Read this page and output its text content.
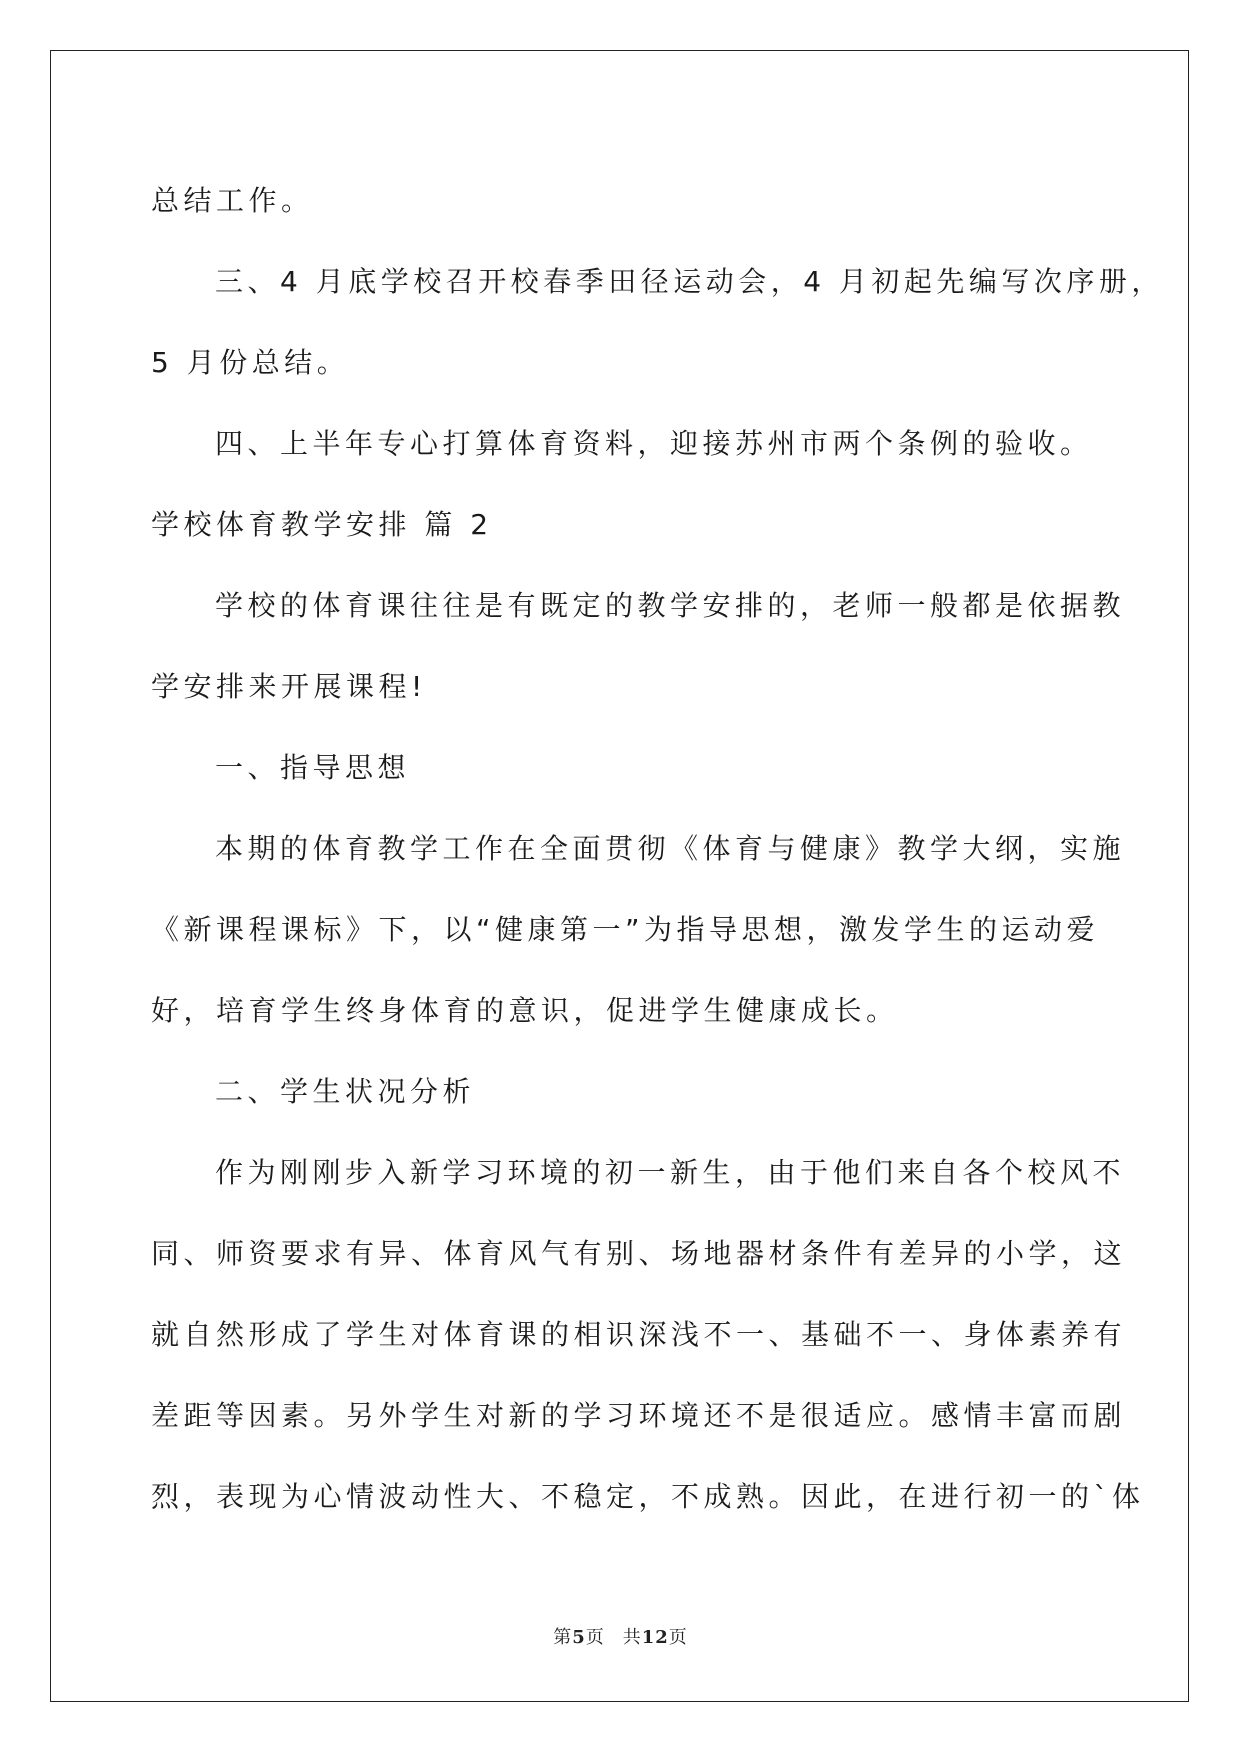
总结工作。
三、4 月底学校召开校春季田径运动会，4 月初起先编写次序册，
5 月份总结。
四、上半年专心打算体育资料，迎接苏州市两个条例的验收。
学校体育教学安排 篇 2
学校的体育课往往是有既定的教学安排的，老师一般都是依据教
学安排来开展课程!
一、指导思想
本期的体育教学工作在全面贯彻《体育与健康》教学大纲，实施
《新课程课标》下，以“健康第一”为指导思想，激发学生的运动爱
好，培育学生终身体育的意识，促进学生健康成长。
二、学生状况分析
作为刚刚步入新学习环境的初一新生，由于他们来自各个校风不
同、师资要求有异、体育风气有别、场地器材条件有差异的小学，这
就自然形成了学生对体育课的相识深浅不一、基础不一、身体素养有
差距等因素。另外学生对新的学习环境还不是很适应。感情丰富而剧
烈，表现为心情波动性大、不稳定，不成熟。因此，在进行初一的`体
第5页 共12页
